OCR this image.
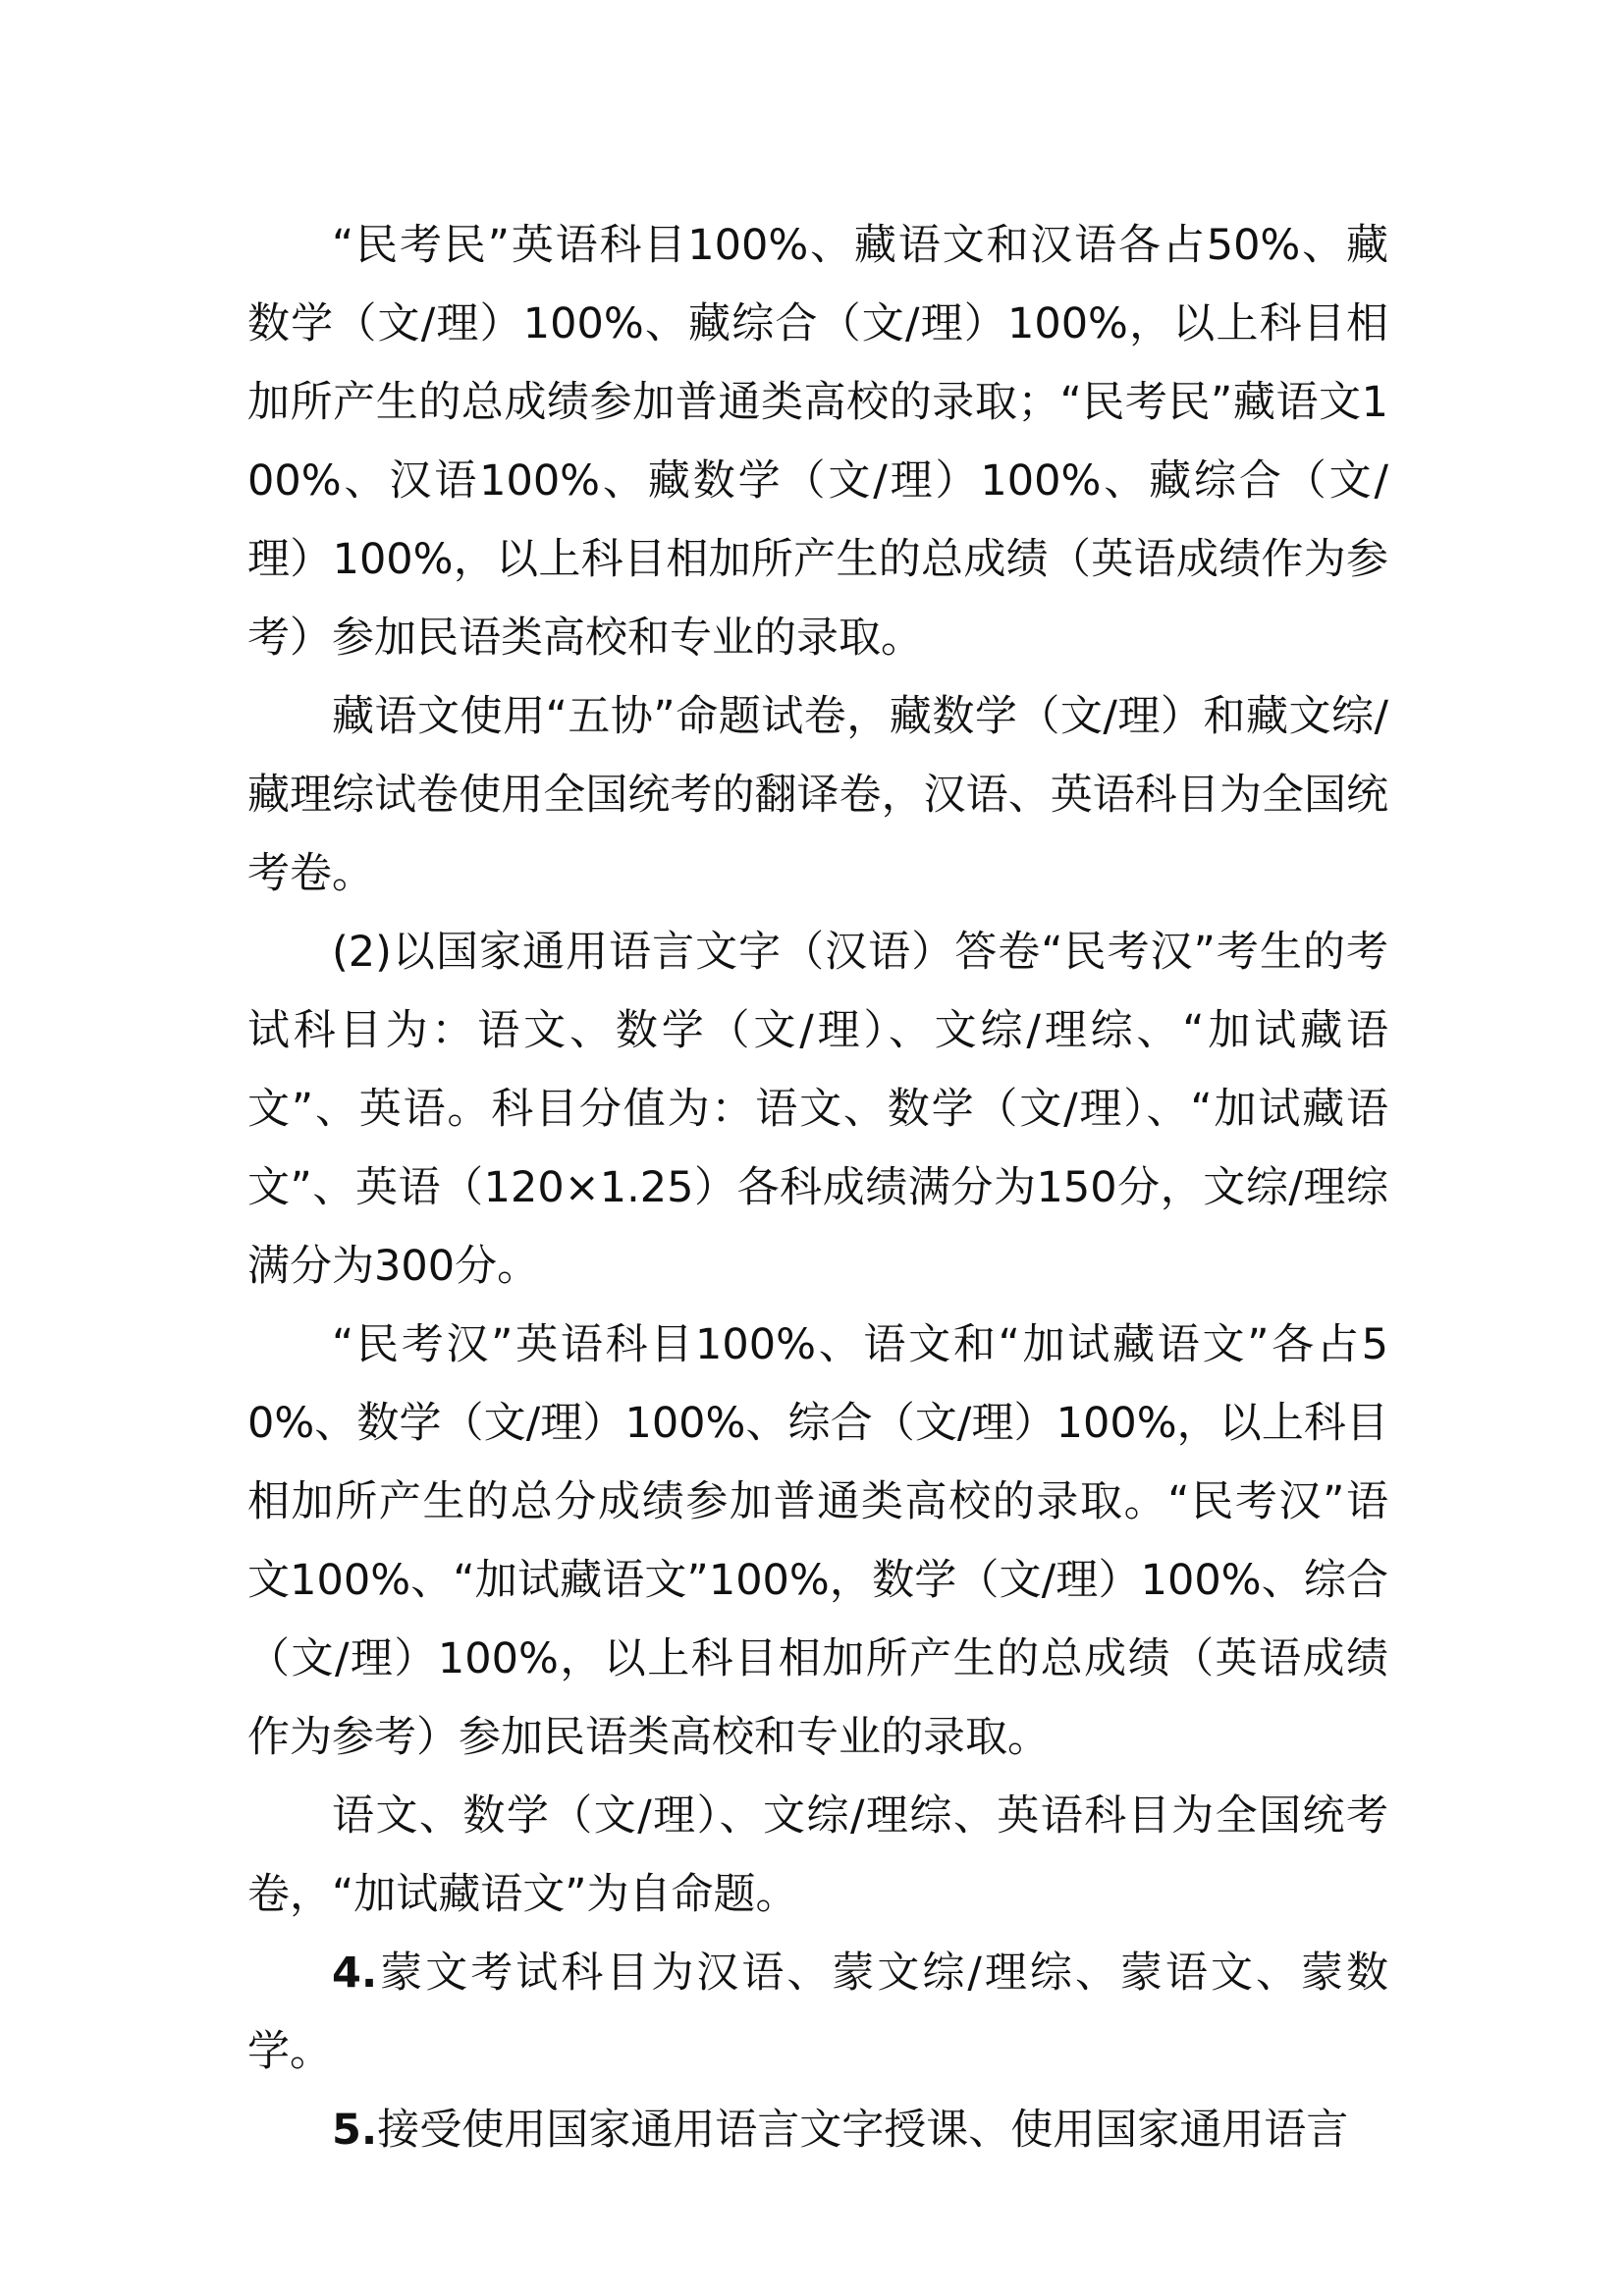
“民考民”英语科目100%、藏语文和汉语各占50%、藏数学（文/理）100%、藏综合（文/理）100%，以上科目相加所产生的总成绩参加普通类高校的录取；“民考民”藏语文100%、汉语100%、藏数学（文/理）100%、藏综合（文/理）100%，以上科目相加所产生的总成绩（英语成绩作为参考）参加民语类高校和专业的录取。

藏语文使用“五协”命题试卷，藏数学（文/理）和藏文综/藏理综试卷使用全国统考的翻译卷，汉语、英语科目为全国统考卷。

(2)以国家通用语言文字（汉语）答卷“民考汉”考生的考试科目为：语文、数学（文/理）、文综/理综、“加试藏语文”、英语。科目分值为：语文、数学（文/理）、“加试藏语文”、英语（120×1.25）各科成绩满分为150分，文综/理综满分为300分。

“民考汉”英语科目100%、语文和“加试藏语文”各占50%、数学（文/理）100%、综合（文/理）100%，以上科目相加所产生的总分成绩参加普通类高校的录取。“民考汉”语文100%、“加试藏语文”100%，数学（文/理）100%、综合（文/理）100%，以上科目相加所产生的总成绩（英语成绩作为参考）参加民语类高校和专业的录取。

语文、数学（文/理）、文综/理综、英语科目为全国统考卷，“加试藏语文”为自命题。

4.蒙文考试科目为汉语、蒙文综/理综、蒙语文、蒙数学。

5.接受使用国家通用语言文字授课、使用国家通用语言
